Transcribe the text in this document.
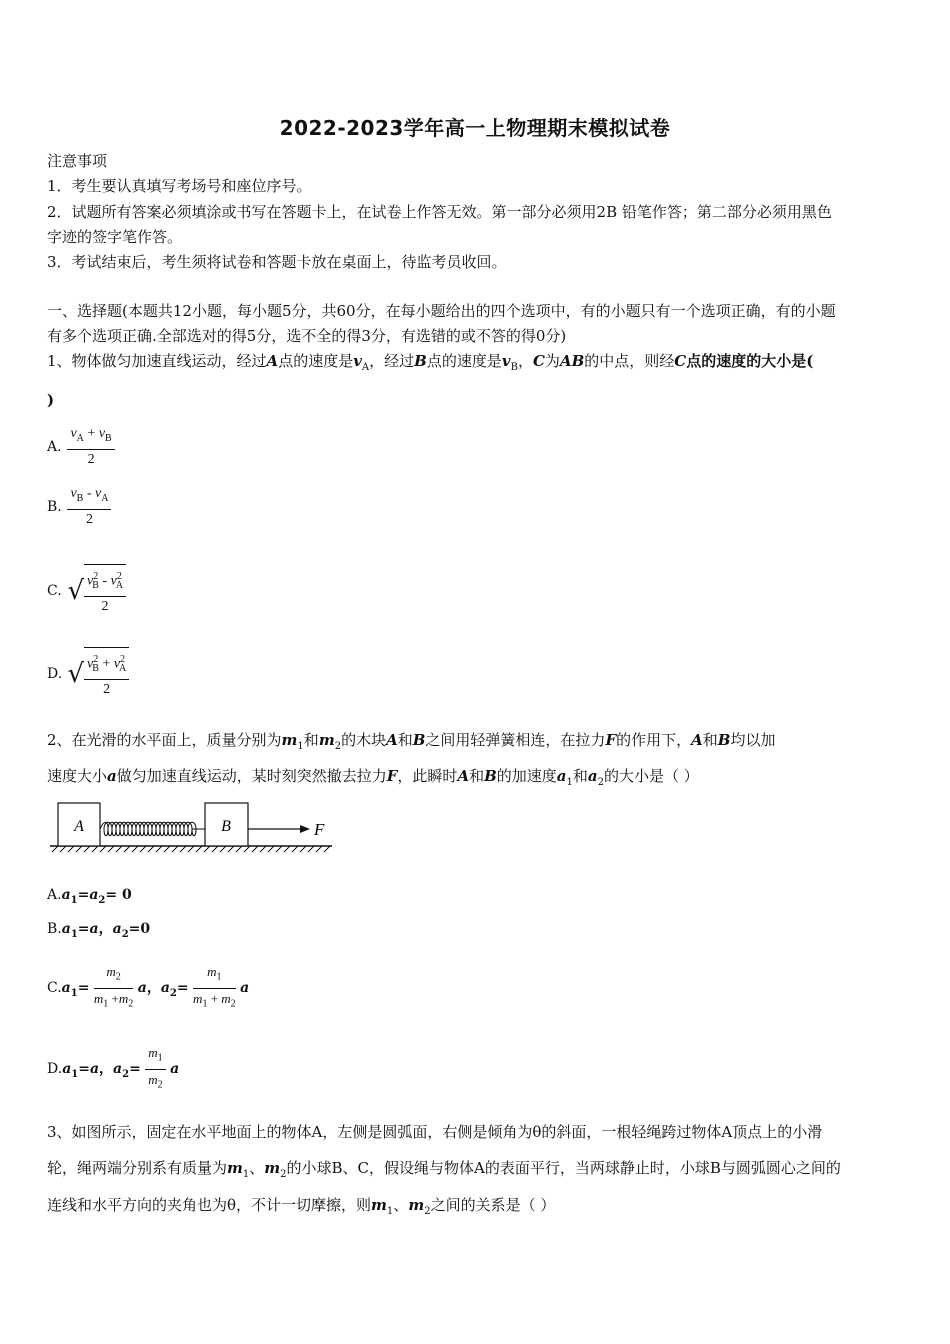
2022-2023学年高一上物理期末模拟试卷
注意事项
1．考生要认真填写考场号和座位序号。
2．试题所有答案必须填涂或书写在答题卡上，在试卷上作答无效。第一部分必须用2B 铅笔作答；第二部分必须用黑色
字迹的签字笔作答。
3．考试结束后，考生须将试卷和答题卡放在桌面上，待监考员收回。
一、选择题(本题共12小题，每小题5分，共60分，在每小题给出的四个选项中，有的小题只有一个选项正确，有的小题
有多个选项正确.全部选对的得5分，选不全的得3分，有选错的或不答的得0分)
1、物体做匀加速直线运动，经过A点的速度是$v_A$，经过B点的速度是$v_B$，C为AB的中点，则经C点的速度的大小是(
)
A. $\frac{v_A + v_B}{2}$
B. $\frac{v_B - v_A}{2}$
C. √ $\frac{v^2_B - v^2_A}{2}$
D. √ $\frac{v^2_B + v^2_A}{2}$
2、在光滑的水平面上，质量分别为$m_1$和$m_2$的木块A和B之间用轻弹簧相连，在拉力F的作用下，A和B均以加
速度大小a做匀加速直线运动，某时刻突然撤去拉力F，此瞬时A和B的加速度$a_1$和$a_2$的大小是（ ）
A	B	F
$A.a_1=a_2= 0$
$B.a_1=a$，$a_2=0$
$C.a_1= \frac{m_2}{m_1 +m_2}$ a，$a_2= \frac{m_1}{m_1 + m_2}$ a
$D.a_1=a$，$a_2= \frac{m_1}{m_2}$ a
3、如图所示，固定在水平地面上的物体A，左侧是圆弧面，右侧是倾角为θ的斜面，一根轻绳跨过物体A顶点上的小滑
轮，绳两端分别系有质量为$m_1$、$m_2$的小球B、C，假设绳与物体A的表面平行，当两球静止时，小球B与圆弧圆心之间的
连线和水平方向的夹角也为θ，不计一切摩擦，则$m_1$、$m_2$之间的关系是（ ）
